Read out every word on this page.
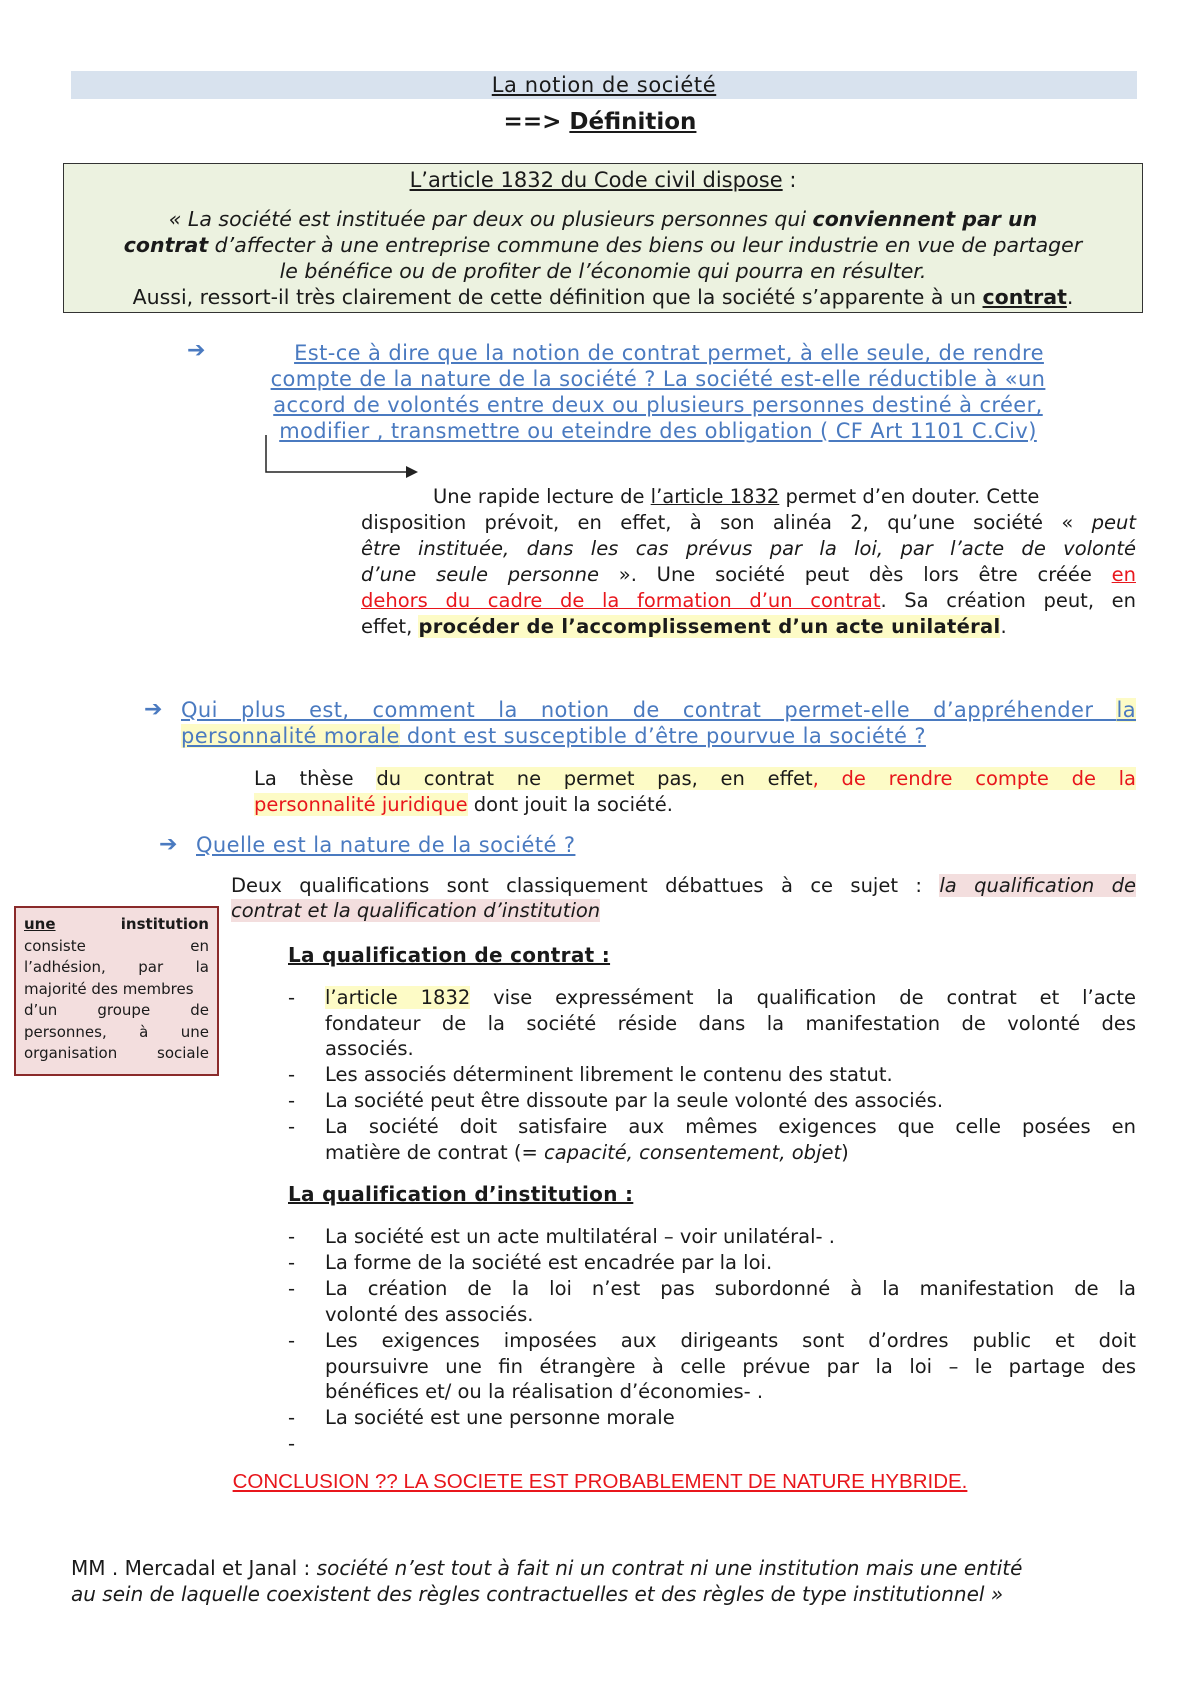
La notion de société
==> Définition
L’article 1832 du Code civil dispose :
« La société est instituée par deux ou plusieurs personnes qui conviennent par un
contrat d’affecter à une entreprise commune des biens ou leur industrie en vue de partager
le bénéfice ou de profiter de l’économie qui pourra en résulter.
Aussi, ressort-il très clairement de cette définition que la société s’apparente à un contrat.
➔	Est-ce à dire que la notion de contrat permet, à elle seule, de rendre
compte de la nature de la société ? La société est-elle réductible à «un
accord de volontés entre deux ou plusieurs personnes destiné à créer,
modifier , transmettre ou eteindre des obligation ( CF Art 1101 C.Civ)
Une rapide lecture de l’article 1832 permet d’en douter. Cette
disposition prévoit, en effet, à son alinéa 2, qu’une société « peut
être instituée, dans les cas prévus par la loi, par l’acte de volonté
d’une seule personne ». Une société peut dès lors être créée en
dehors du cadre de la formation d’un contrat. Sa création peut, en
effet, procéder de l’accomplissement d’un acte unilatéral.
➔ Qui plus est, comment la notion de contrat permet-elle d’appréhender la
personnalité morale dont est susceptible d’être pourvue la société ?
La thèse du contrat ne permet pas, en effet, de rendre compte de la
personnalité juridique dont jouit la société.
➔ Quelle est la nature de la société ?
Deux qualifications sont classiquement débattues à ce sujet : la qualification de
contrat et la qualification d’institution
une	institution
consiste	en
l’adhésion, par la
majorité des membres
d’un	groupe	de
personnes, à une
organisation	sociale
La qualification de contrat :
- l’article 1832 vise expressément la qualification de contrat et l’acte
fondateur de la société réside dans la manifestation de volonté des
associés.
- Les associés déterminent librement le contenu des statut.
- La société peut être dissoute par la seule volonté des associés.
- La société doit satisfaire aux mêmes exigences que celle posées en
matière de contrat (= capacité, consentement, objet)
La qualification d’institution :
- La société est un acte multilatéral – voir unilatéral- .
- La forme de la société est encadrée par la loi.
- La création de la loi n’est pas subordonné à la manifestation de la
volonté des associés.
- Les exigences imposées aux dirigeants sont d’ordres public et doit
poursuivre une fin étrangère à celle prévue par la loi – le partage des
bénéfices et/ ou la réalisation d’économies- .
- La société est une personne morale
-
CONCLUSION ?? LA SOCIETE EST PROBABLEMENT DE NATURE HYBRIDE.
MM . Mercadal et Janal : société n’est tout à fait ni un contrat ni une institution mais une entité
au sein de laquelle coexistent des règles contractuelles et des règles de type institutionnel »
